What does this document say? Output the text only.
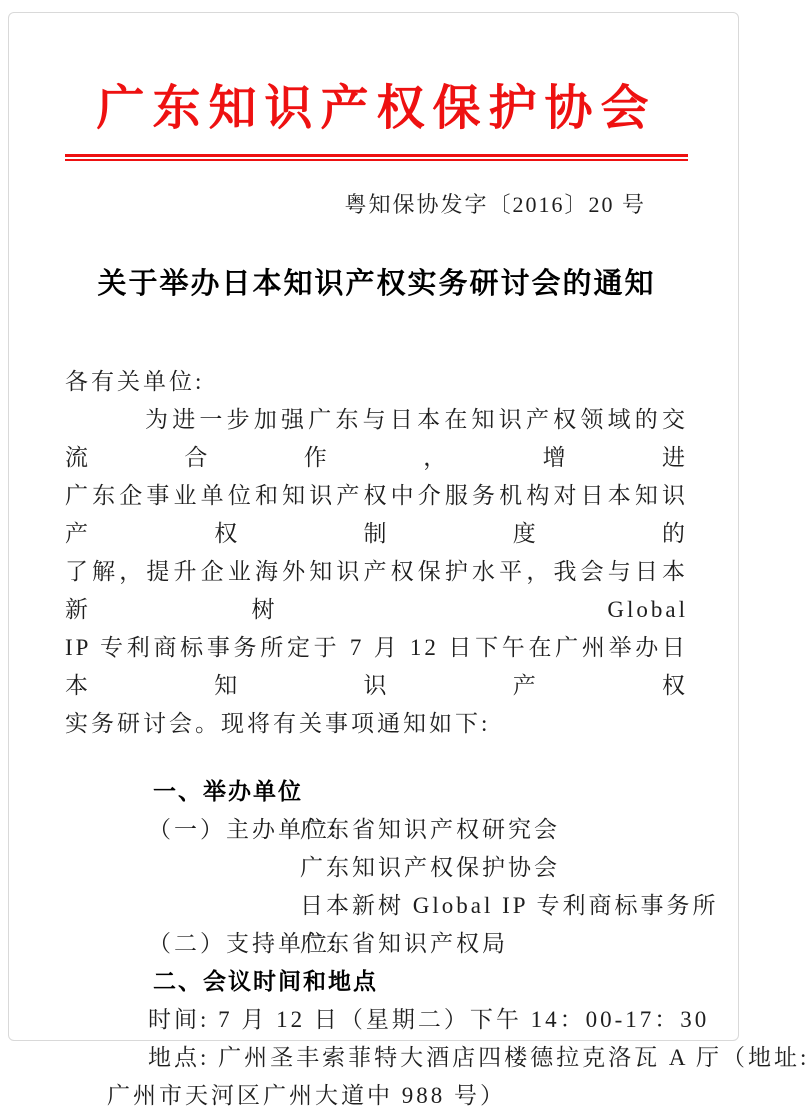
广东知识产权保护协会
粤知保协发字〔2016〕20 号
关于举办日本知识产权实务研讨会的通知
各有关单位:
为进一步加强广东与日本在知识产权领域的交流合作，增进
广东企事业单位和知识产权中介服务机构对日本知识产权制度的
了解，提升企业海外知识产权保护水平，我会与日本新树 Global
IP 专利商标事务所定于 7 月 12 日下午在广州举办日本知识产权
实务研讨会。现将有关事项通知如下:
一、举办单位
（一）主办单位:
广东省知识产权研究会
广东知识产权保护协会
日本新树 Global IP 专利商标事务所
（二）支持单位:
广东省知识产权局
二、会议时间和地点
时间: 7 月 12 日（星期二）下午 14：00-17：30
地点: 广州圣丰索菲特大酒店四楼德拉克洛瓦 A 厅（地址:
广州市天河区广州大道中 988 号）
